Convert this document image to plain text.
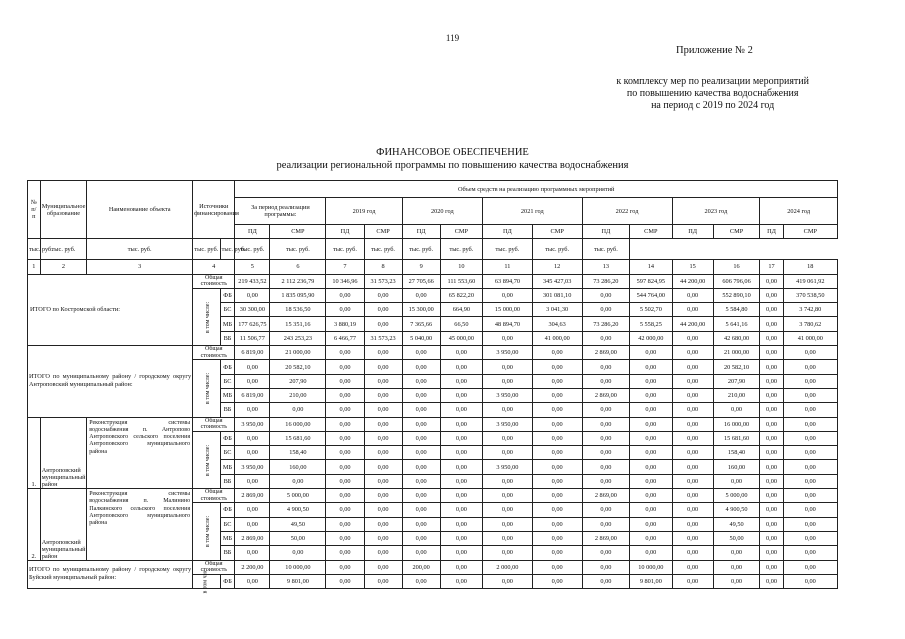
119
Приложение № 2
к комплексу мер по реализации мероприятий
по повышению качества водоснабжения
на период с 2019 по 2024 год
ФИНАНСОВОЕ ОБЕСПЕЧЕНИЕ
реализации региональной программы по повышению качества водоснабжения
№ п/ п	Муниципальное образование	Наименование объекта	Источники финансирования		Объем средств на реализацию программных мероприятий													
					За период реализации программы:		2019 год		2020 год		2021 год		2022 год		2023 год		2024 год	
					ПД	СМР	ПД	СМР	ПД	СМР	ПД	СМР	ПД	СМР	ПД	СМР	ПД	СМР
тыс. руб.	тыс. руб.	тыс. руб.	тыс. руб.	тыс. руб.	тыс. руб.	тыс. руб.	тыс. руб.	тыс. руб.	тыс. руб.	тыс. руб.	тыс. руб.	тыс. руб.	тыс. руб.					
1	2	3	4		5	6	7	8	9	10	11	12	13	14	15	16	17	18
ИТОГО по Костромской области:			Общая стоимость		219 433,52	2 112 236,79	10 346,96	31 573,23	27 705,66	111 553,60	63 894,70	345 427,03	73 286,20	597 824,95	44 200,00	606 796,06	0,00	419 061,92
			в том числе:	ФБ	0,00	1 835 095,90	0,00	0,00	0,00	65 822,20	0,00	301 081,10	0,00	544 764,00	0,00	552 890,10	0,00	370 538,50
				БС	30 300,00	18 536,50	0,00	0,00	15 300,00	664,90	15 000,00	3 041,30	0,00	5 502,70	0,00	5 584,80	0,00	3 742,80
				МБ	177 626,75	15 351,16	3 880,19	0,00	7 365,66	66,50	48 894,70	304,63	73 286,20	5 558,25	44 200,00	5 641,16	0,00	3 780,62
				ВБ	11 506,77	243 253,23	6 466,77	31 573,23	5 040,00	45 000,00	0,00	41 000,00	0,00	42 000,00	0,00	42 680,00	0,00	41 000,00

ИТОГО по муниципальному району / городскому округу
Антроповский муниципальный район:			Общая стоимость		6 819,00	21 000,00	0,00	0,00	0,00	0,00	3 950,00	0,00	2 869,00	0,00	0,00	21 000,00	0,00	0,00
			в том числе:	ФБ	0,00	20 582,10	0,00	0,00	0,00	0,00	0,00	0,00	0,00	0,00	0,00	20 582,10	0,00	0,00
				БС	0,00	207,90	0,00	0,00	0,00	0,00	0,00	0,00	0,00	0,00	0,00	207,90	0,00	0,00
				МБ	6 819,00	210,00	0,00	0,00	0,00	0,00	3 950,00	0,00	2 869,00	0,00	0,00	210,00	0,00	0,00
				ВБ	0,00	0,00	0,00	0,00	0,00	0,00	0,00	0,00	0,00	0,00	0,00	0,00	0,00	0,00
1.	Антроповский муниципальный район	Реконструкция системы водоснабжения п. Антропово Антроповского сельского поселения Антроповского муниципального района	Общая стоимость		3 950,00	16 000,00	0,00	0,00	0,00	0,00	3 950,00	0,00	0,00	0,00	0,00	16 000,00	0,00	0,00
			в том числе:	ФБ	0,00	15 681,60	0,00	0,00	0,00	0,00	0,00	0,00	0,00	0,00	0,00	15 681,60	0,00	0,00
				БС	0,00	158,40	0,00	0,00	0,00	0,00	0,00	0,00	0,00	0,00	0,00	158,40	0,00	0,00
				МБ	3 950,00	160,00	0,00	0,00	0,00	0,00	3 950,00	0,00	0,00	0,00	0,00	160,00	0,00	0,00
				ВБ	0,00	0,00	0,00	0,00	0,00	0,00	0,00	0,00	0,00	0,00	0,00	0,00	0,00	0,00
2.	Антроповский муниципальный район	Реконструкция системы водоснабжения п. Малинино Палкинского сельского поселения Антроповского муниципального района	Общая стоимость		2 869,00	5 000,00	0,00	0,00	0,00	0,00	0,00	0,00	2 869,00	0,00	0,00	5 000,00	0,00	0,00
			в том числе:	ФБ	0,00	4 900,50	0,00	0,00	0,00	0,00	0,00	0,00	0,00	0,00	0,00	4 900,50	0,00	0,00
				БС	0,00	49,50	0,00	0,00	0,00	0,00	0,00	0,00	0,00	0,00	0,00	49,50	0,00	0,00
				МБ	2 869,00	50,00	0,00	0,00	0,00	0,00	0,00	0,00	2 869,00	0,00	0,00	50,00	0,00	0,00
				ВБ	0,00	0,00	0,00	0,00	0,00	0,00	0,00	0,00	0,00	0,00	0,00	0,00	0,00	0,00

ИТОГО по муниципальному району / городскому округу
Буйский муниципальный район:			Общая стоимость		2 200,00	10 000,00	0,00	0,00	200,00	0,00	2 000,00	0,00	0,00	10 000,00	0,00	0,00	0,00	0,00
			в том чис	ФБ	0,00	9 801,00	0,00	0,00	0,00	0,00	0,00	0,00	0,00	9 801,00	0,00	0,00	0,00	0,00
